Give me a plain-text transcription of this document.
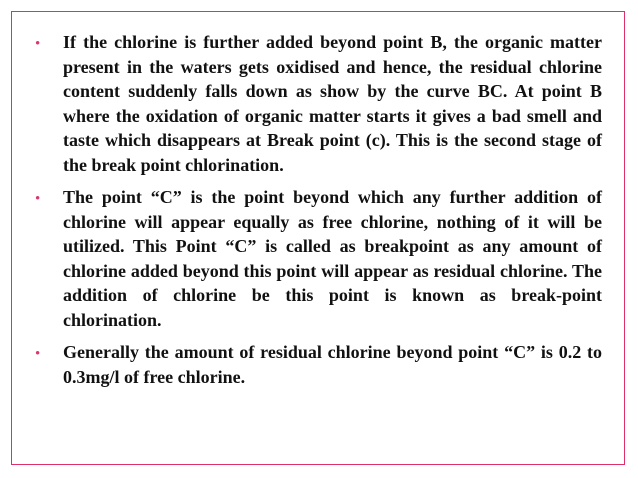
• If the chlorine is further added beyond point B, the organic matter present in the waters gets oxidised and hence, the residual chlorine content suddenly falls down as show by the curve BC. At point B where the oxidation of organic matter starts it gives a bad smell and taste which disappears at Break point (c). This is the second stage of the break point chlorination.
• The point “C” is the point beyond which any further addition of chlorine will appear equally as free chlorine, nothing of it will be utilized. This Point “C” is called as breakpoint as any amount of chlorine added beyond this point will appear as residual chlorine. The addition of chlorine be this point is known as break-point chlorination.
• Generally the amount of residual chlorine beyond point “C” is 0.2 to 0.3mg/l of free chlorine.
